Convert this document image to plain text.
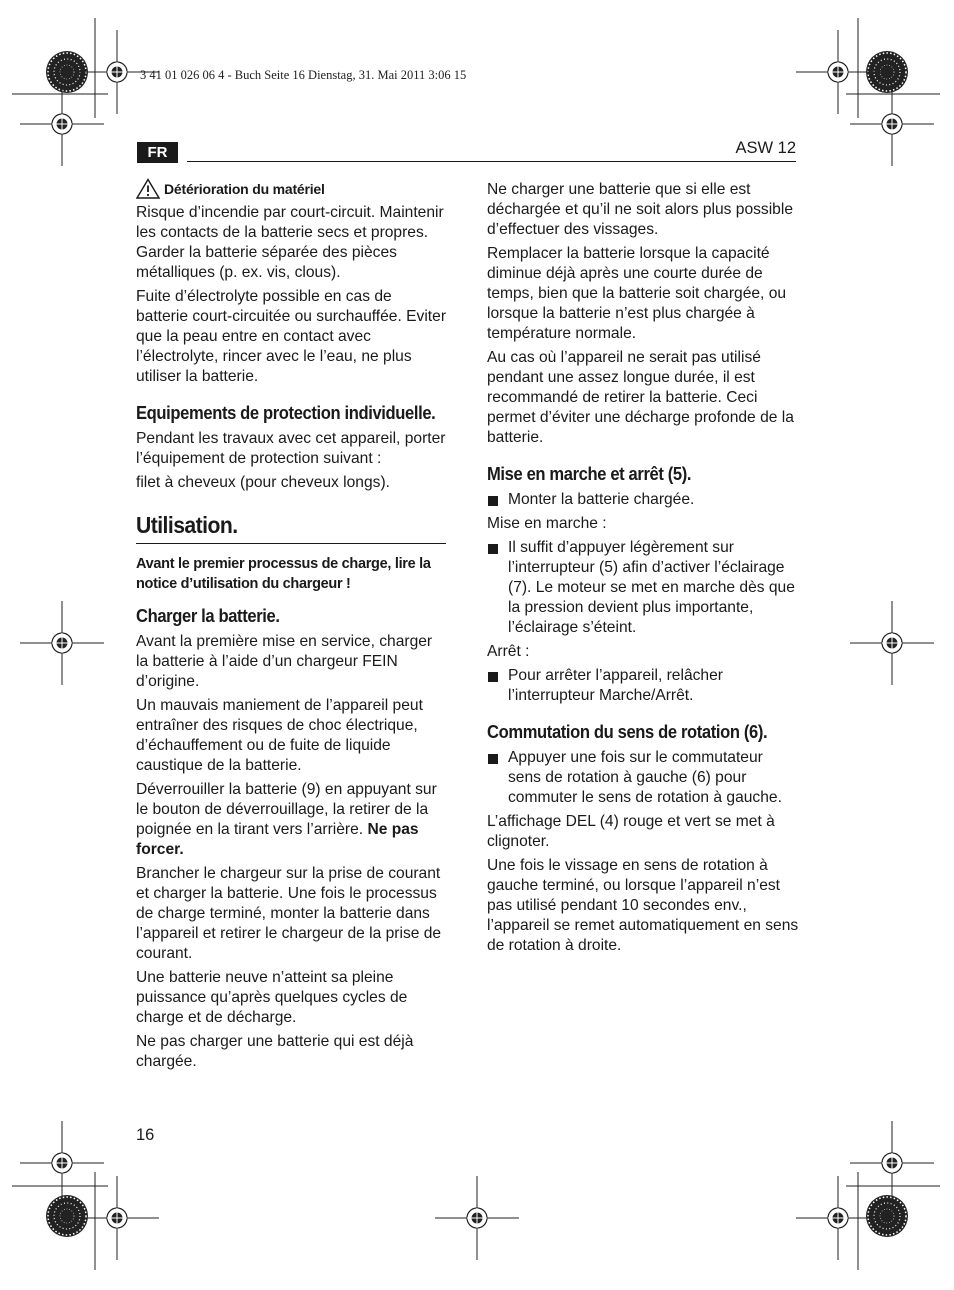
3 41 01 026 06 4 - Buch Seite 16 Dienstag, 31. Mai 2011 3:06 15
FR	ASW 12
Détérioration du matériel

Risque d’incendie par court-circuit. Maintenir les contacts de la batterie secs et propres. Garder la batterie séparée des pièces métalliques (p. ex. vis, clous).

Fuite d’électrolyte possible en cas de batterie court-circuitée ou surchauffée. Eviter que la peau entre en contact avec l’électrolyte, rincer avec le l’eau, ne plus utiliser la batterie.

Equipements de protection individuelle.

Pendant les travaux avec cet appareil, porter l’équipement de protection suivant :

filet à cheveux (pour cheveux longs).

Utilisation.

Avant le premier processus de charge, lire la notice d’utilisation du chargeur !

Charger la batterie.

Avant la première mise en service, charger la batterie à l’aide d’un chargeur FEIN d’origine.

Un mauvais maniement de l’appareil peut entraîner des risques de choc électrique, d’échauffement ou de fuite de liquide caustique de la batterie.

Déverrouiller la batterie (9) en appuyant sur le bouton de déverrouillage, la retirer de la poignée en la tirant vers l’arrière. Ne pas forcer.

Brancher le chargeur sur la prise de courant et charger la batterie. Une fois le processus de charge terminé, monter la batterie dans l’appareil et retirer le chargeur de la prise de courant.

Une batterie neuve n’atteint sa pleine puissance qu’après quelques cycles de charge et de décharge.

Ne pas charger une batterie qui est déjà chargée.

Ne charger une batterie que si elle est déchargée et qu’il ne soit alors plus possible d’effectuer des vissages.

Remplacer la batterie lorsque la capacité diminue déjà après une courte durée de temps, bien que la batterie soit chargée, ou lorsque la batterie n’est plus chargée à température normale.

Au cas où l’appareil ne serait pas utilisé pendant une assez longue durée, il est recommandé de retirer la batterie. Ceci permet d’éviter une décharge profonde de la batterie.

Mise en marche et arrêt (5).
Monter la batterie chargée.

Mise en marche :

Il suffit d’appuyer légèrement sur l’interrupteur (5) afin d’activer l’éclairage (7). Le moteur se met en marche dès que la pression devient plus importante, l’éclairage s’éteint.

Arrêt :

Pour arrêter l’appareil, relâcher l’interrupteur Marche/Arrêt.
Commutation du sens de rotation (6).
Appuyer une fois sur le commutateur sens de rotation à gauche (6) pour commuter le sens de rotation à gauche.

L’affichage DEL (4) rouge et vert se met à clignoter.

Une fois le vissage en sens de rotation à gauche terminé, ou lorsque l’appareil n’est pas utilisé pendant 10 secondes env., l’appareil se remet automatiquement en sens de rotation à droite.

16
